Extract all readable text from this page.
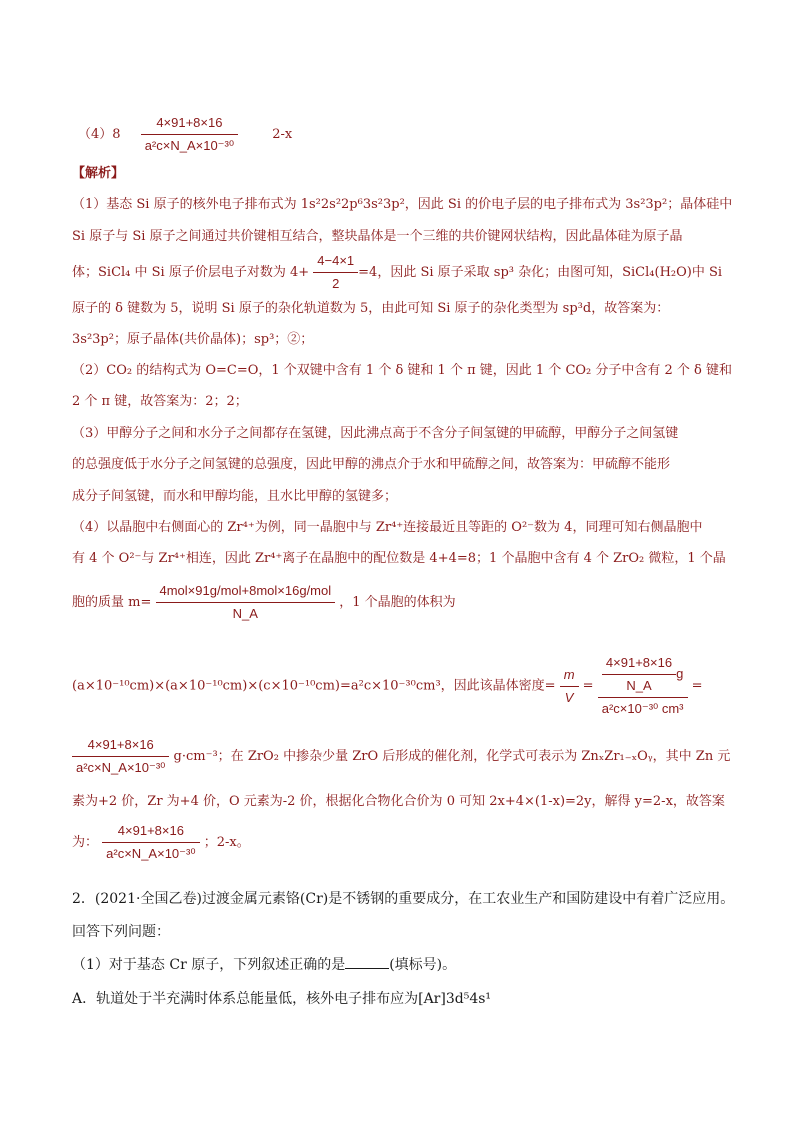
$(4)8 \frac{4\times 91+8\times 16}{\text{a²c×N\_A×10⁻³⁰}}$	2-x
【解析】
（1）基态 Si 原子的核外电子排布式为 1s²2s²2p⁶3s²3p²，因此 Si 的价电子层的电子排布式为 3s²3p²；晶体硅中
Si 原子与 Si 原子之间通过共价键相互结合，整块晶体是一个三维的共价键网状结构，因此晶体硅为原子晶
体；SiCl₄ 中 Si 原子价层电子对数为 $4+ \frac{4-4\times 1}{2} =4$，因此 Si 原子采取 sp³ 杂化；由图可知，SiCl₄(H₂O)中 Si
原子的 δ 键数为 5，说明 Si 原子的杂化轨道数为 5，由此可知 Si 原子的杂化类型为 sp³d，故答案为：
3s²3p²；原子晶体(共价晶体)；sp³；②；
（2）CO₂ 的结构式为 O=C=O，1 个双键中含有 1 个 δ 键和 1 个 π 键，因此 1 个 CO₂ 分子中含有 2 个 δ 键和
2 个 π 键，故答案为：2；2；
（3）甲醇分子之间和水分子之间都存在氢键，因此沸点高于不含分子间氢键的甲硫醇，甲醇分子之间氢键
的总强度低于水分子之间氢键的总强度，因此甲醇的沸点介于水和甲硫醇之间，故答案为：甲硫醇不能形
成分子间氢键，而水和甲醇均能，且水比甲醇的氢键多；
（4）以晶胞中右侧面心的 Zr⁴⁺为例，同一晶胞中与 Zr⁴⁺连接最近且等距的 O²⁻数为 4，同理可知右侧晶胞中
有 4 个 O²⁻与 Zr⁴⁺相连，因此 Zr⁴⁺离子在晶胞中的配位数是 4+4=8；1 个晶胞中含有 4 个 ZrO₂ 微粒，1 个晶
胞的质量 $m= \frac{\text{4mol×91g/mol+8mol×16g/mol}}{N\_A}$ ，1 个晶胞的体积为
(a×10⁻¹⁰cm)×(a×10⁻¹⁰cm)×(c×10⁻¹⁰cm)=a²c×10⁻³⁰cm³，因此该晶体密度= $\frac{m}{V} = \frac{\frac{4\times 91+8\times 16}{N\_A} g}{\text{a²c×10⁻³⁰ cm³}}$ =
$\frac{4\times 91+8\times 16}{\text{a²c×N\_A×10⁻³⁰}} g\cdot cm^{-3}$；在 ZrO₂ 中掺杂少量 ZrO 后形成的催化剂，化学式可表示为 ZnₓZr₁₋ₓOᵧ，其中 Zn 元
素为+2 价，Zr 为+4 价，O 元素为-2 价，根据化合物化合价为 0 可知 2x+4×(1-x)=2y，解得 y=2-x，故答案
为： $\frac{4\times 91+8\times 16}{\text{a²c×N\_A×10⁻³⁰}}$ ；2-x。
2．(2021·全国乙卷)过渡金属元素铬(Cr)是不锈钢的重要成分，在工农业生产和国防建设中有着广泛应用。
回答下列问题：
（1）对于基态 Cr 原子，下列叙述正确的是	(填标号)。
A．轨道处于半充满时体系总能量低，核外电子排布应为[Ar]3d⁵4s¹
